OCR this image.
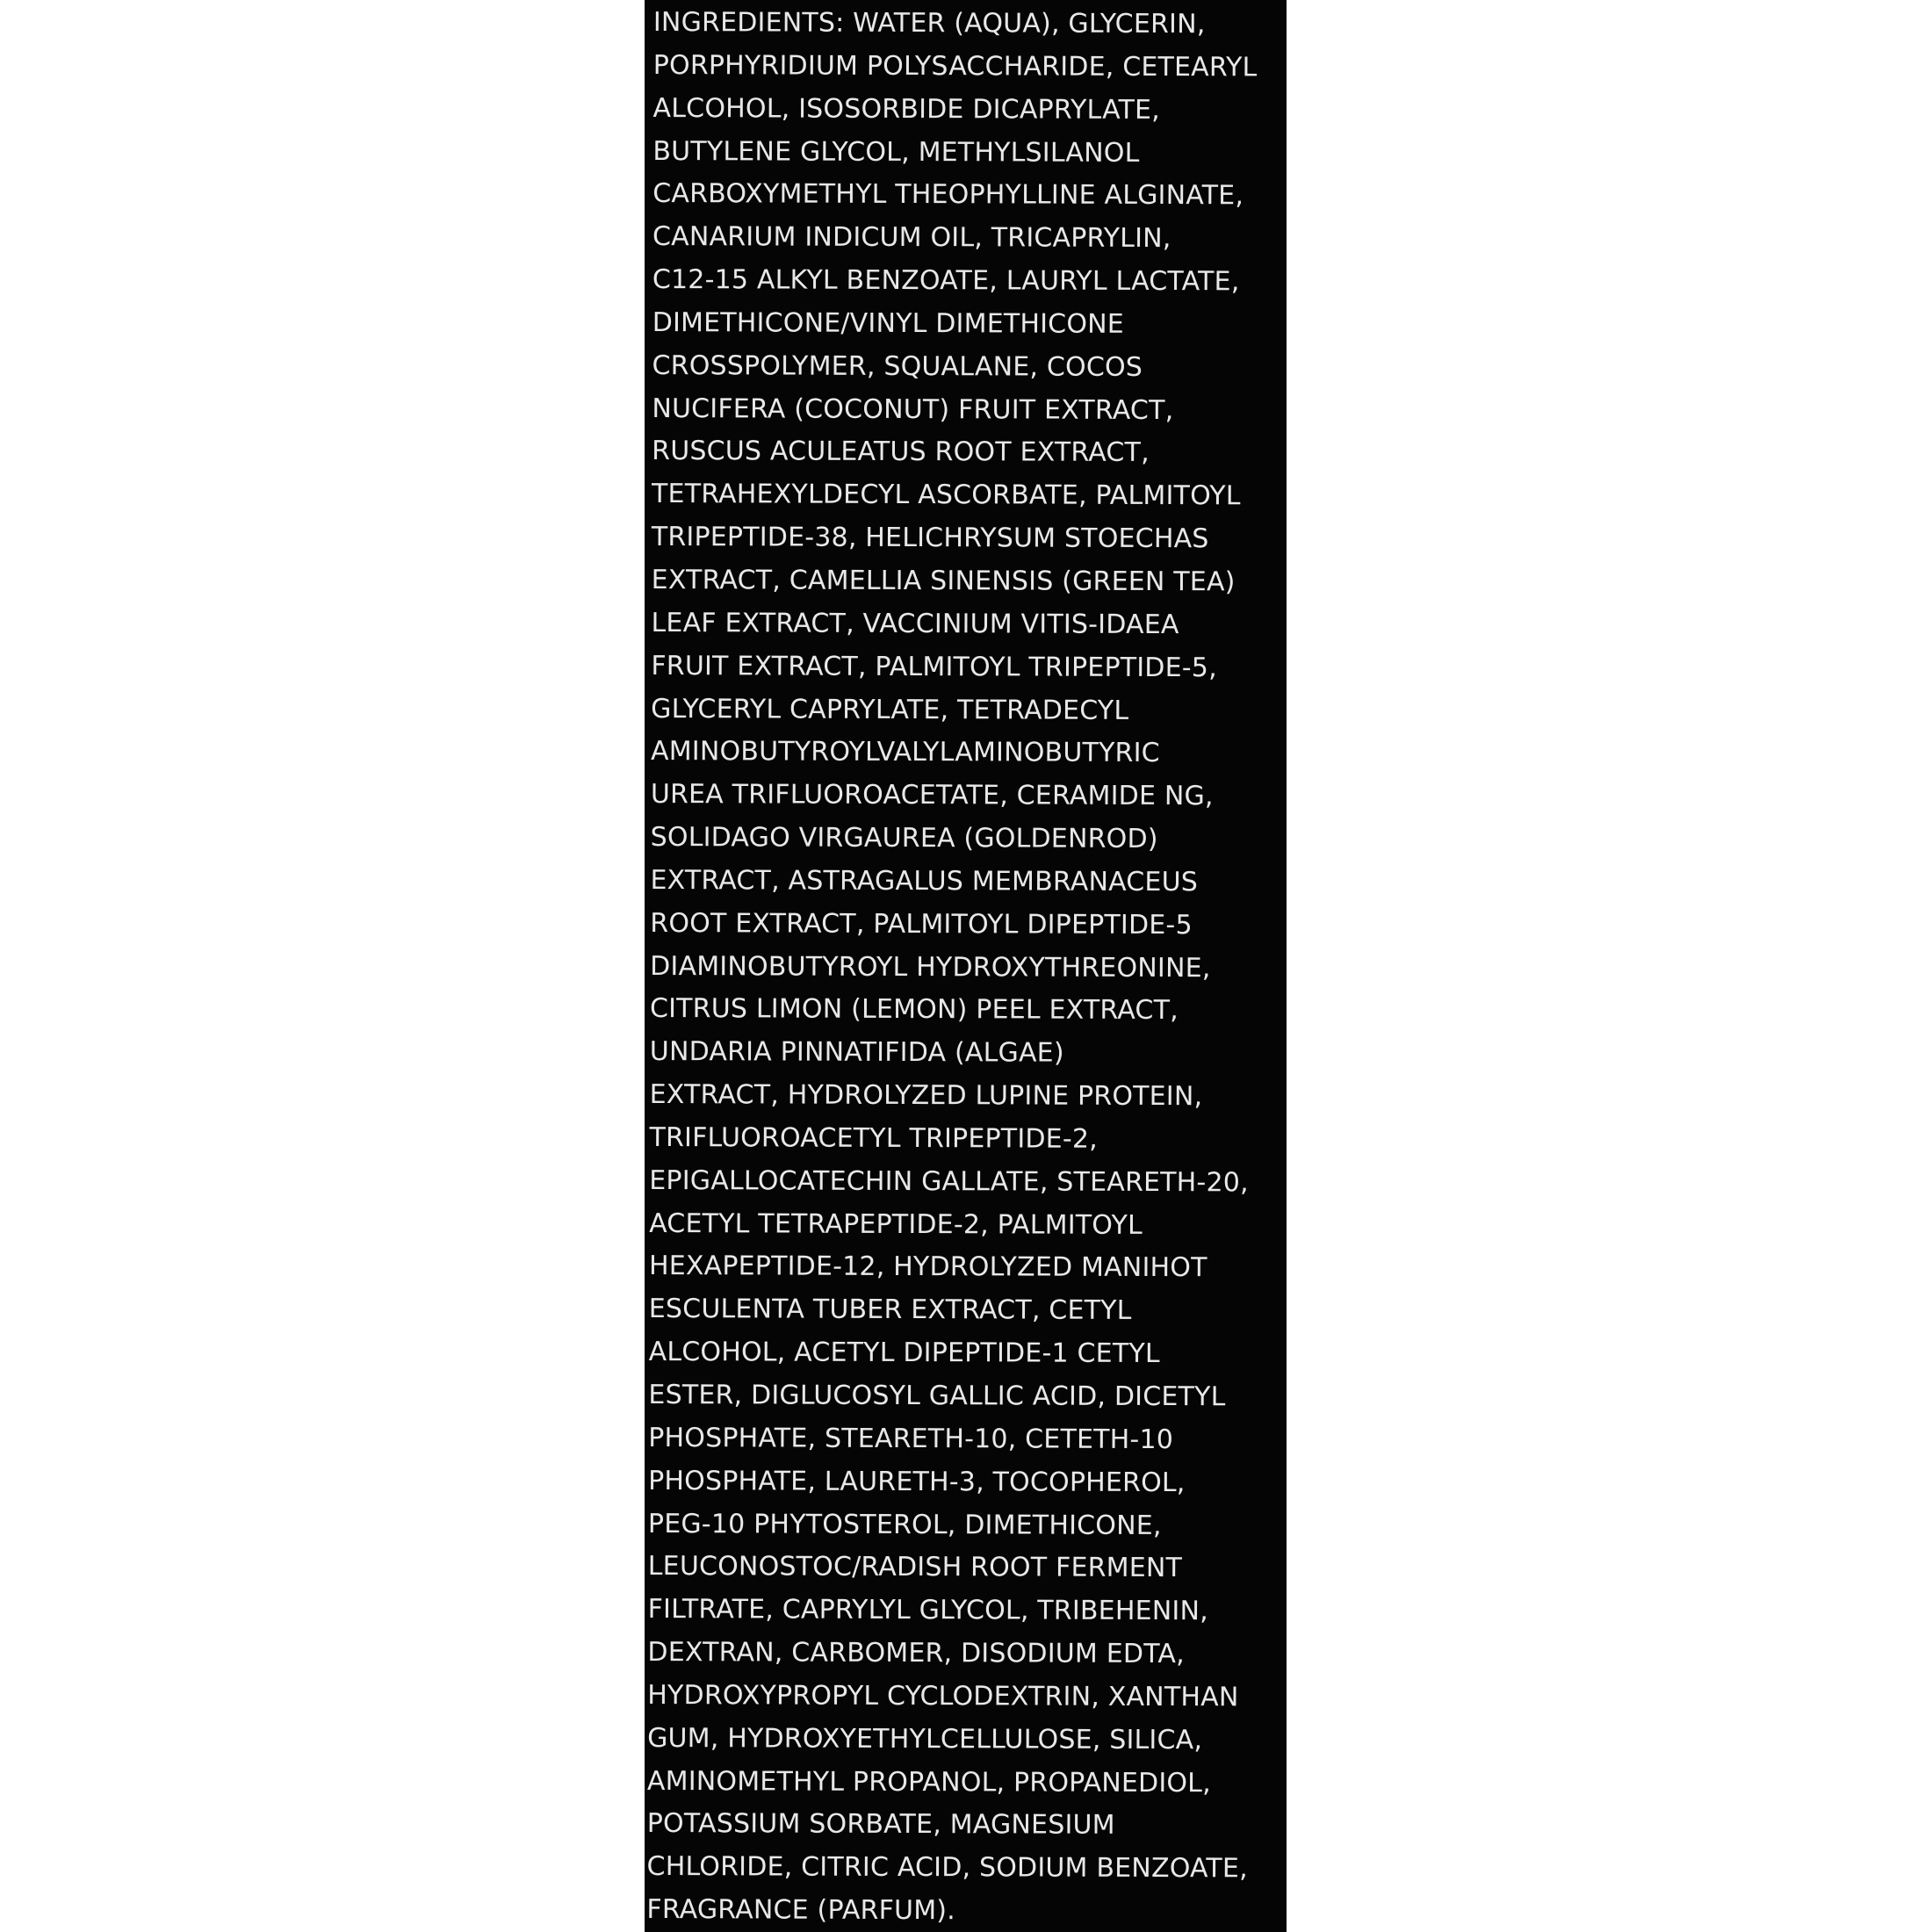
INGREDIENTS: WATER (AQUA), GLYCERIN,
PORPHYRIDIUM POLYSACCHARIDE, CETEARYL
ALCOHOL, ISOSORBIDE DICAPRYLATE,
BUTYLENE GLYCOL, METHYLSILANOL
CARBOXYMETHYL THEOPHYLLINE ALGINATE,
CANARIUM INDICUM OIL, TRICAPRYLIN,
C12-15 ALKYL BENZOATE, LAURYL LACTATE,
DIMETHICONE/VINYL DIMETHICONE
CROSSPOLYMER, SQUALANE, COCOS
NUCIFERA (COCONUT) FRUIT EXTRACT,
RUSCUS ACULEATUS ROOT EXTRACT,
TETRAHEXYLDECYL ASCORBATE, PALMITOYL
TRIPEPTIDE-38, HELICHRYSUM STOECHAS
EXTRACT, CAMELLIA SINENSIS (GREEN TEA)
LEAF EXTRACT, VACCINIUM VITIS-IDAEA
FRUIT EXTRACT, PALMITOYL TRIPEPTIDE-5,
GLYCERYL CAPRYLATE, TETRADECYL
AMINOBUTYROYLVALYLAMINOBUTYRIC
UREA TRIFLUOROACETATE, CERAMIDE NG,
SOLIDAGO VIRGAUREA (GOLDENROD)
EXTRACT, ASTRAGALUS MEMBRANACEUS
ROOT EXTRACT, PALMITOYL DIPEPTIDE-5
DIAMINOBUTYROYL HYDROXYTHREONINE,
CITRUS LIMON (LEMON) PEEL EXTRACT,
UNDARIA PINNATIFIDA (ALGAE)
EXTRACT, HYDROLYZED LUPINE PROTEIN,
TRIFLUOROACETYL TRIPEPTIDE-2,
EPIGALLOCATECHIN GALLATE, STEARETH-20,
ACETYL TETRAPEPTIDE-2, PALMITOYL
HEXAPEPTIDE-12, HYDROLYZED MANIHOT
ESCULENTA TUBER EXTRACT, CETYL
ALCOHOL, ACETYL DIPEPTIDE-1 CETYL
ESTER, DIGLUCOSYL GALLIC ACID, DICETYL
PHOSPHATE, STEARETH-10, CETETH-10
PHOSPHATE, LAURETH-3, TOCOPHEROL,
PEG-10 PHYTOSTEROL, DIMETHICONE,
LEUCONOSTOC/RADISH ROOT FERMENT
FILTRATE, CAPRYLYL GLYCOL, TRIBEHENIN,
DEXTRAN, CARBOMER, DISODIUM EDTA,
HYDROXYPROPYL CYCLODEXTRIN, XANTHAN
GUM, HYDROXYETHYLCELLULOSE, SILICA,
AMINOMETHYL PROPANOL, PROPANEDIOL,
POTASSIUM SORBATE, MAGNESIUM
CHLORIDE, CITRIC ACID, SODIUM BENZOATE,
FRAGRANCE (PARFUM).
